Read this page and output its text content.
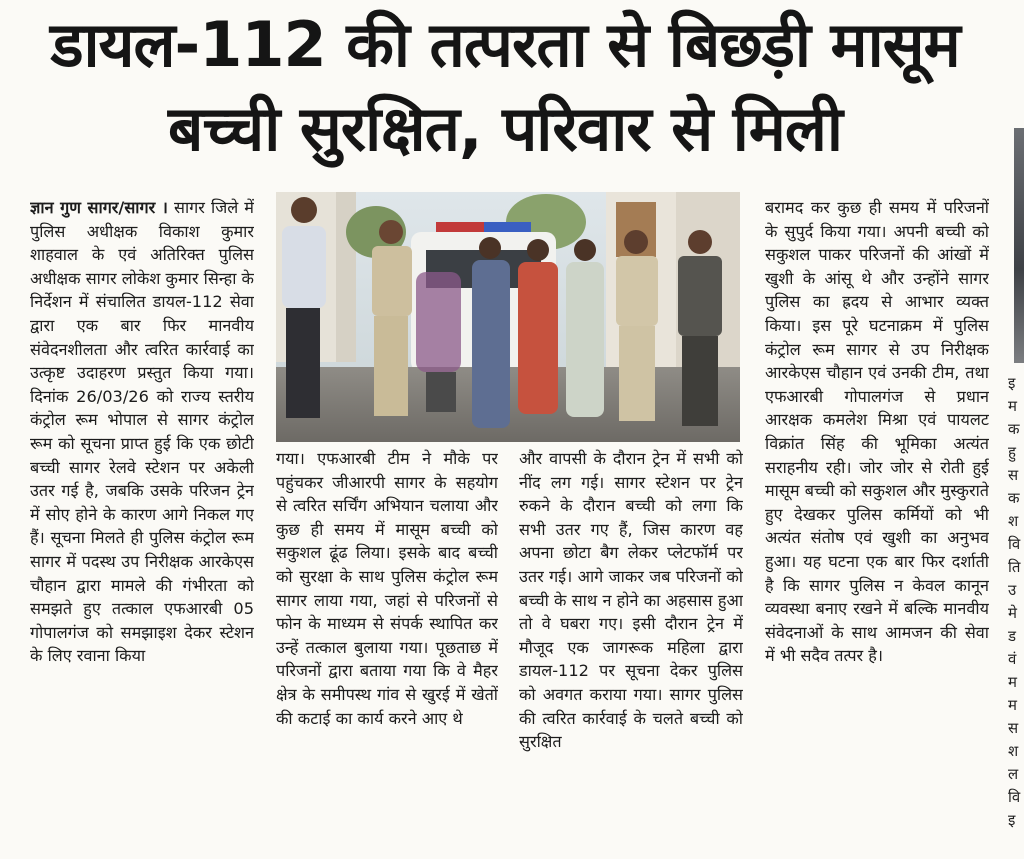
डायल-112 की तत्परता से बिछड़ी मासूम
बच्ची सुरक्षित, परिवार से मिली

ज्ञान गुण सागर/सागर । सागर जिले में पुलिस अधीक्षक विकाश कुमार शाहवाल के एवं अतिरिक्त पुलिस अधीक्षक सागर लोकेश कुमार सिन्हा के निर्देशन में संचालित डायल-112 सेवा द्वारा एक बार फिर मानवीय संवेदनशीलता और त्वरित कार्रवाई का उत्कृष्ट उदाहरण प्रस्तुत किया गया। दिनांक 26/03/26 को राज्य स्तरीय कंट्रोल रूम भोपाल से सागर कंट्रोल रूम को सूचना प्राप्त हुई कि एक छोटी बच्ची सागर रेलवे स्टेशन पर अकेली उतर गई है, जबकि उसके परिजन ट्रेन में सोए होने के कारण आगे निकल गए हैं। सूचना मिलते ही पुलिस कंट्रोल रूम सागर में पदस्थ उप निरीक्षक आरकेएस चौहान द्वारा मामले की गंभीरता को समझते हुए तत्काल एफआरबी 05 गोपालगंज को समझाइश देकर स्टेशन के लिए रवाना किया

गया। एफआरबी टीम ने मौके पर पहुंचकर जीआरपी सागर के सहयोग से त्वरित सर्चिंग अभियान चलाया और कुछ ही समय में मासूम बच्ची को सकुशल ढूंढ लिया। इसके बाद बच्ची को सुरक्षा के साथ पुलिस कंट्रोल रूम सागर लाया गया, जहां से परिजनों से फोन के माध्यम से संपर्क स्थापित कर उन्हें तत्काल बुलाया गया। पूछताछ में परिजनों द्वारा बताया गया कि वे मैहर क्षेत्र के समीपस्थ गांव से खुरई में खेतों की कटाई का कार्य करने आए थे

और वापसी के दौरान ट्रेन में सभी को नींद लग गई। सागर स्टेशन पर ट्रेन रुकने के दौरान बच्ची को लगा कि सभी उतर गए हैं, जिस कारण वह अपना छोटा बैग लेकर प्लेटफॉर्म पर उतर गई। आगे जाकर जब परिजनों को बच्ची के साथ न होने का अहसास हुआ तो वे घबरा गए। इसी दौरान ट्रेन में मौजूद एक जागरूक महिला द्वारा डायल-112 पर सूचना देकर पुलिस को अवगत कराया गया। सागर पुलिस की त्वरित कार्रवाई के चलते बच्ची को सुरक्षित

बरामद कर कुछ ही समय में परिजनों के सुपुर्द किया गया। अपनी बच्ची को सकुशल पाकर परिजनों की आंखों में खुशी के आंसू थे और उन्होंने सागर पुलिस का ह्रदय से आभार व्यक्त किया। इस पूरे घटनाक्रम में पुलिस कंट्रोल रूम सागर से उप निरीक्षक आरकेएस चौहान एवं उनकी टीम, तथा एफआरबी गोपालगंज से प्रधान आरक्षक कमलेश मिश्रा एवं पायलट विक्रांत सिंह की भूमिका अत्यंत सराहनीय रही। जोर जोर से रोती हुई मासूम बच्ची को सकुशल और मुस्कुराते हुए देखकर पुलिस कर्मियों को भी अत्यंत संतोष एवं खुशी का अनुभव हुआ। यह घटना एक बार फिर दर्शाती है कि सागर पुलिस न केवल कानून व्यवस्था बनाए रखने में बल्कि मानवीय संवेदनाओं के साथ आमजन की सेवा में भी सदैव तत्पर है।

इ म क हु स क श वि ति उ मे ड वं म म स श ल वि इ
